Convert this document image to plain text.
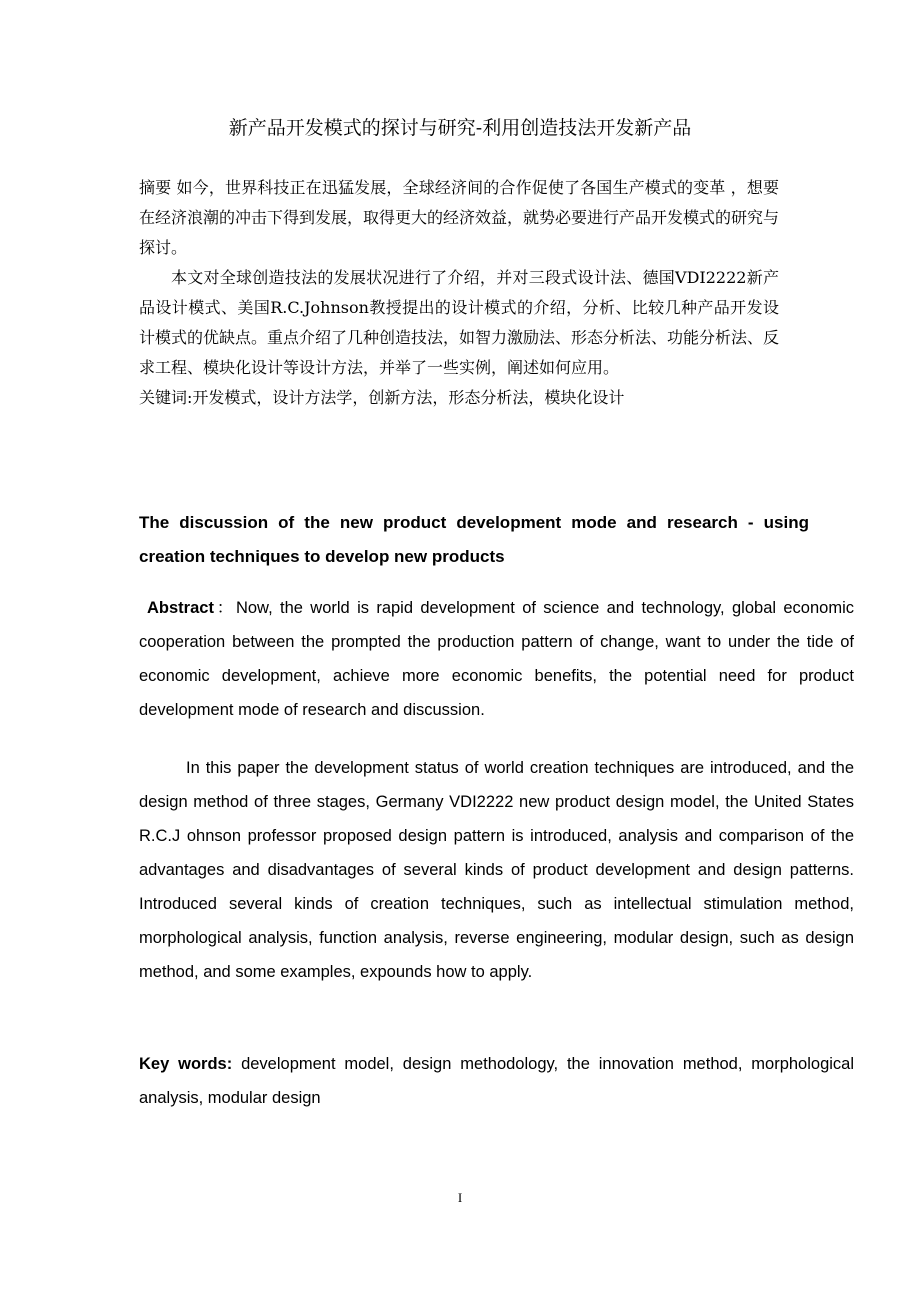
新产品开发模式的探讨与研究-利用创造技法开发新产品

摘要 如今，世界科技正在迅猛发展，全球经济间的合作促使了各国生产模式的变革 ，想要在经济浪潮的冲击下得到发展，取得更大的经济效益，就势必要进行产品开发模式的研究与探讨。

本文对全球创造技法的发展状况进行了介绍，并对三段式设计法、德国VDI2222新产品设计模式、美国R.C.Johnson教授提出的设计模式的介绍，分析、比较几种产品开发设计模式的优缺点。重点介绍了几种创造技法，如智力激励法、形态分析法、功能分析法、反求工程、模块化设计等设计方法，并举了一些实例，阐述如何应用。

关键词:开发模式，设计方法学，创新方法，形态分析法，模块化设计

The discussion of the new product development mode and research - using
creation techniques to develop new products

Abstract：Now, the world is rapid development of science and technology, global economic cooperation between the prompted the production pattern of change, want to under the tide of economic development, achieve more economic benefits, the potential need for product development mode of research and discussion.

In this paper the development status of world creation techniques are introduced, and the design method of three stages, Germany VDI2222 new product design model, the United States R.C.J ohnson professor proposed design pattern is introduced, analysis and comparison of the advantages and disadvantages of several kinds of product development and design patterns. Introduced several kinds of creation techniques, such as intellectual stimulation method, morphological analysis, function analysis, reverse engineering, modular design, such as design method, and some examples, expounds how to apply.

Key words: development model, design methodology, the innovation method, morphological analysis, modular design

I
